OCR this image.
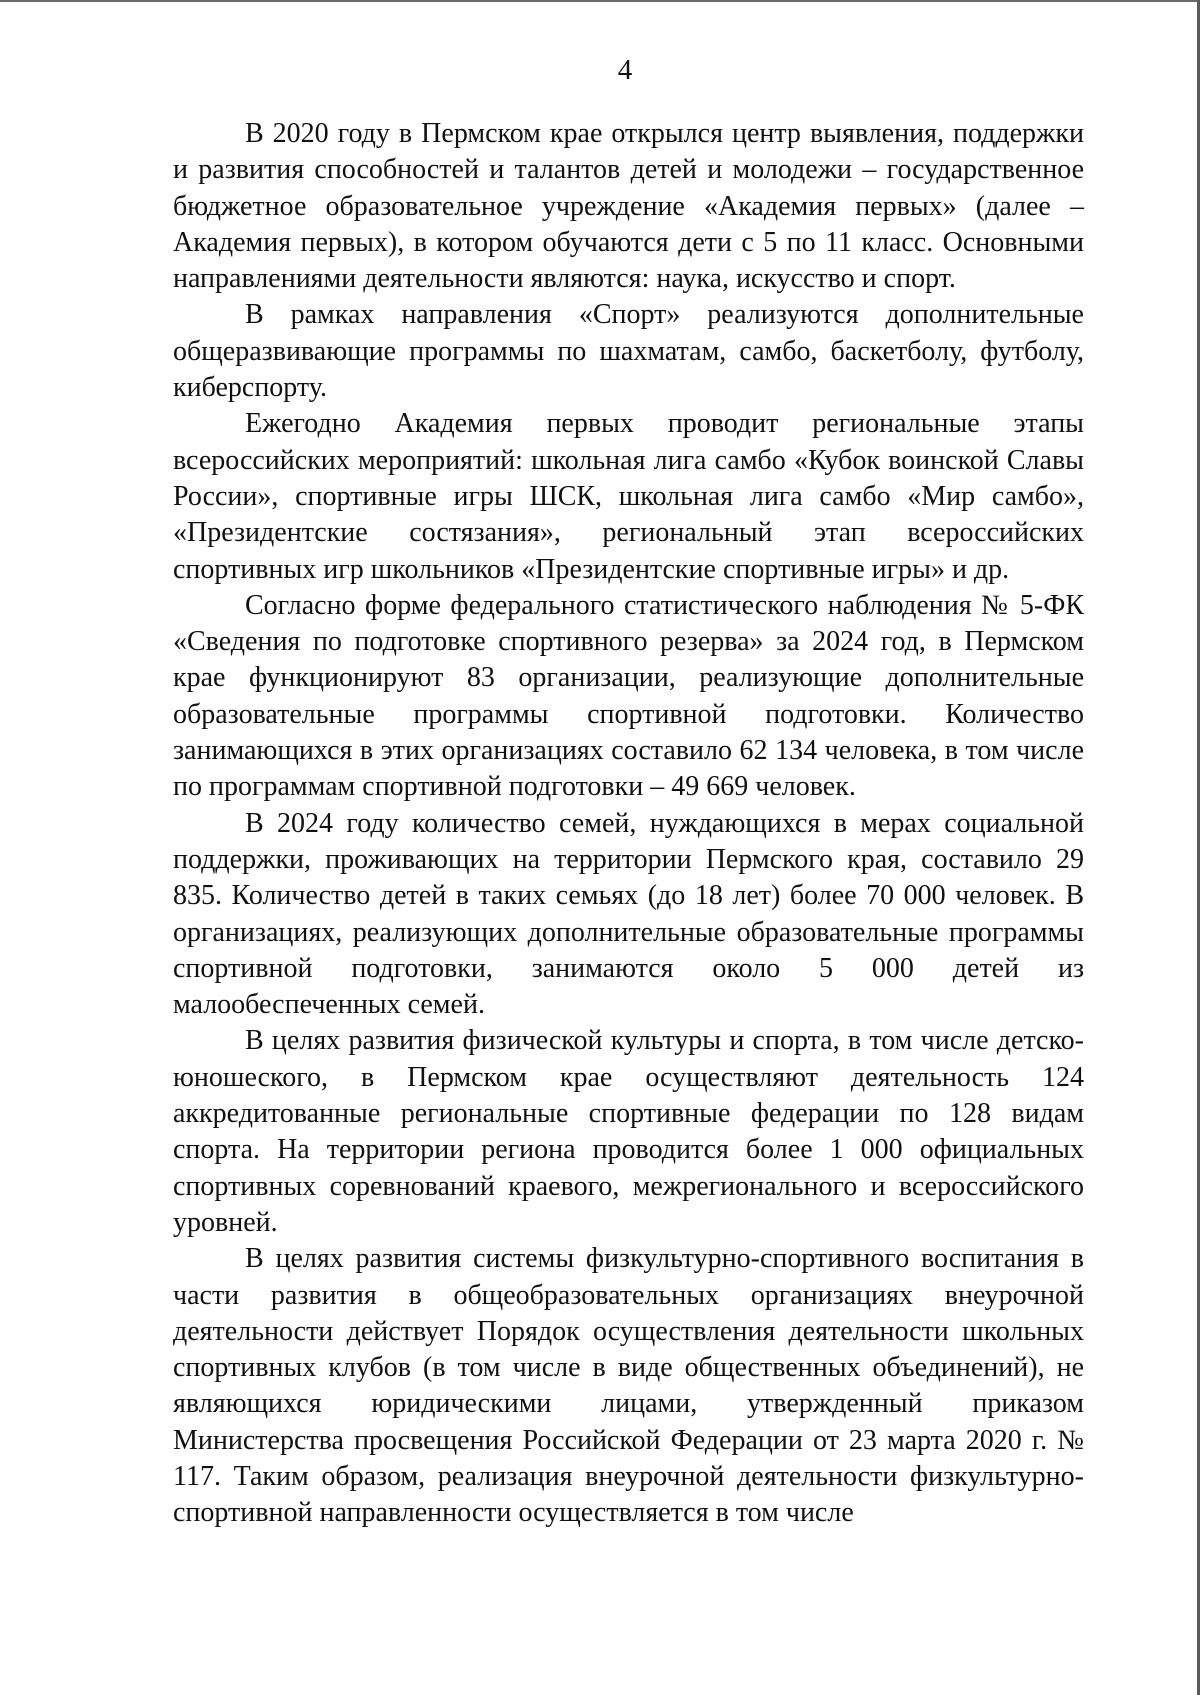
4

В 2020 году в Пермском крае открылся центр выявления, поддержки и развития способностей и талантов детей и молодежи – государственное бюджетное образовательное учреждение «Академия первых» (далее – Академия первых), в котором обучаются дети с 5 по 11 класс. Основными направлениями деятельности являются: наука, искусство и спорт.

В рамках направления «Спорт» реализуются дополнительные общеразвивающие программы по шахматам, самбо, баскетболу, футболу, киберспорту.

Ежегодно Академия первых проводит региональные этапы всероссийских мероприятий: школьная лига самбо «Кубок воинской Славы России», спортивные игры ШСК, школьная лига самбо «Мир самбо», «Президентские состязания», региональный этап всероссийских спортивных игр школьников «Президентские спортивные игры» и др.

Согласно форме федерального статистического наблюдения № 5-ФК «Сведения по подготовке спортивного резерва» за 2024 год, в Пермском крае функционируют 83 организации, реализующие дополнительные образовательные программы спортивной подготовки. Количество занимающихся в этих организациях составило 62 134 человека, в том числе по программам спортивной подготовки – 49 669 человек.

В 2024 году количество семей, нуждающихся в мерах социальной поддержки, проживающих на территории Пермского края, составило 29 835. Количество детей в таких семьях (до 18 лет) более 70 000 человек. В организациях, реализующих дополнительные образовательные программы спортивной подготовки, занимаются около 5 000 детей из малообеспеченных семей.

В целях развития физической культуры и спорта, в том числе детско-юношеского, в Пермском крае осуществляют деятельность 124 аккредитованные региональные спортивные федерации по 128 видам спорта. На территории региона проводится более 1 000 официальных спортивных соревнований краевого, межрегионального и всероссийского уровней.

В целях развития системы физкультурно-спортивного воспитания в части развития в общеобразовательных организациях внеурочной деятельности действует Порядок осуществления деятельности школьных спортивных клубов (в том числе в виде общественных объединений), не являющихся юридическими лицами, утвержденный приказом Министерства просвещения Российской Федерации от 23 марта 2020 г. № 117. Таким образом, реализация внеурочной деятельности физкультурно-спортивной направленности осуществляется в том числе
